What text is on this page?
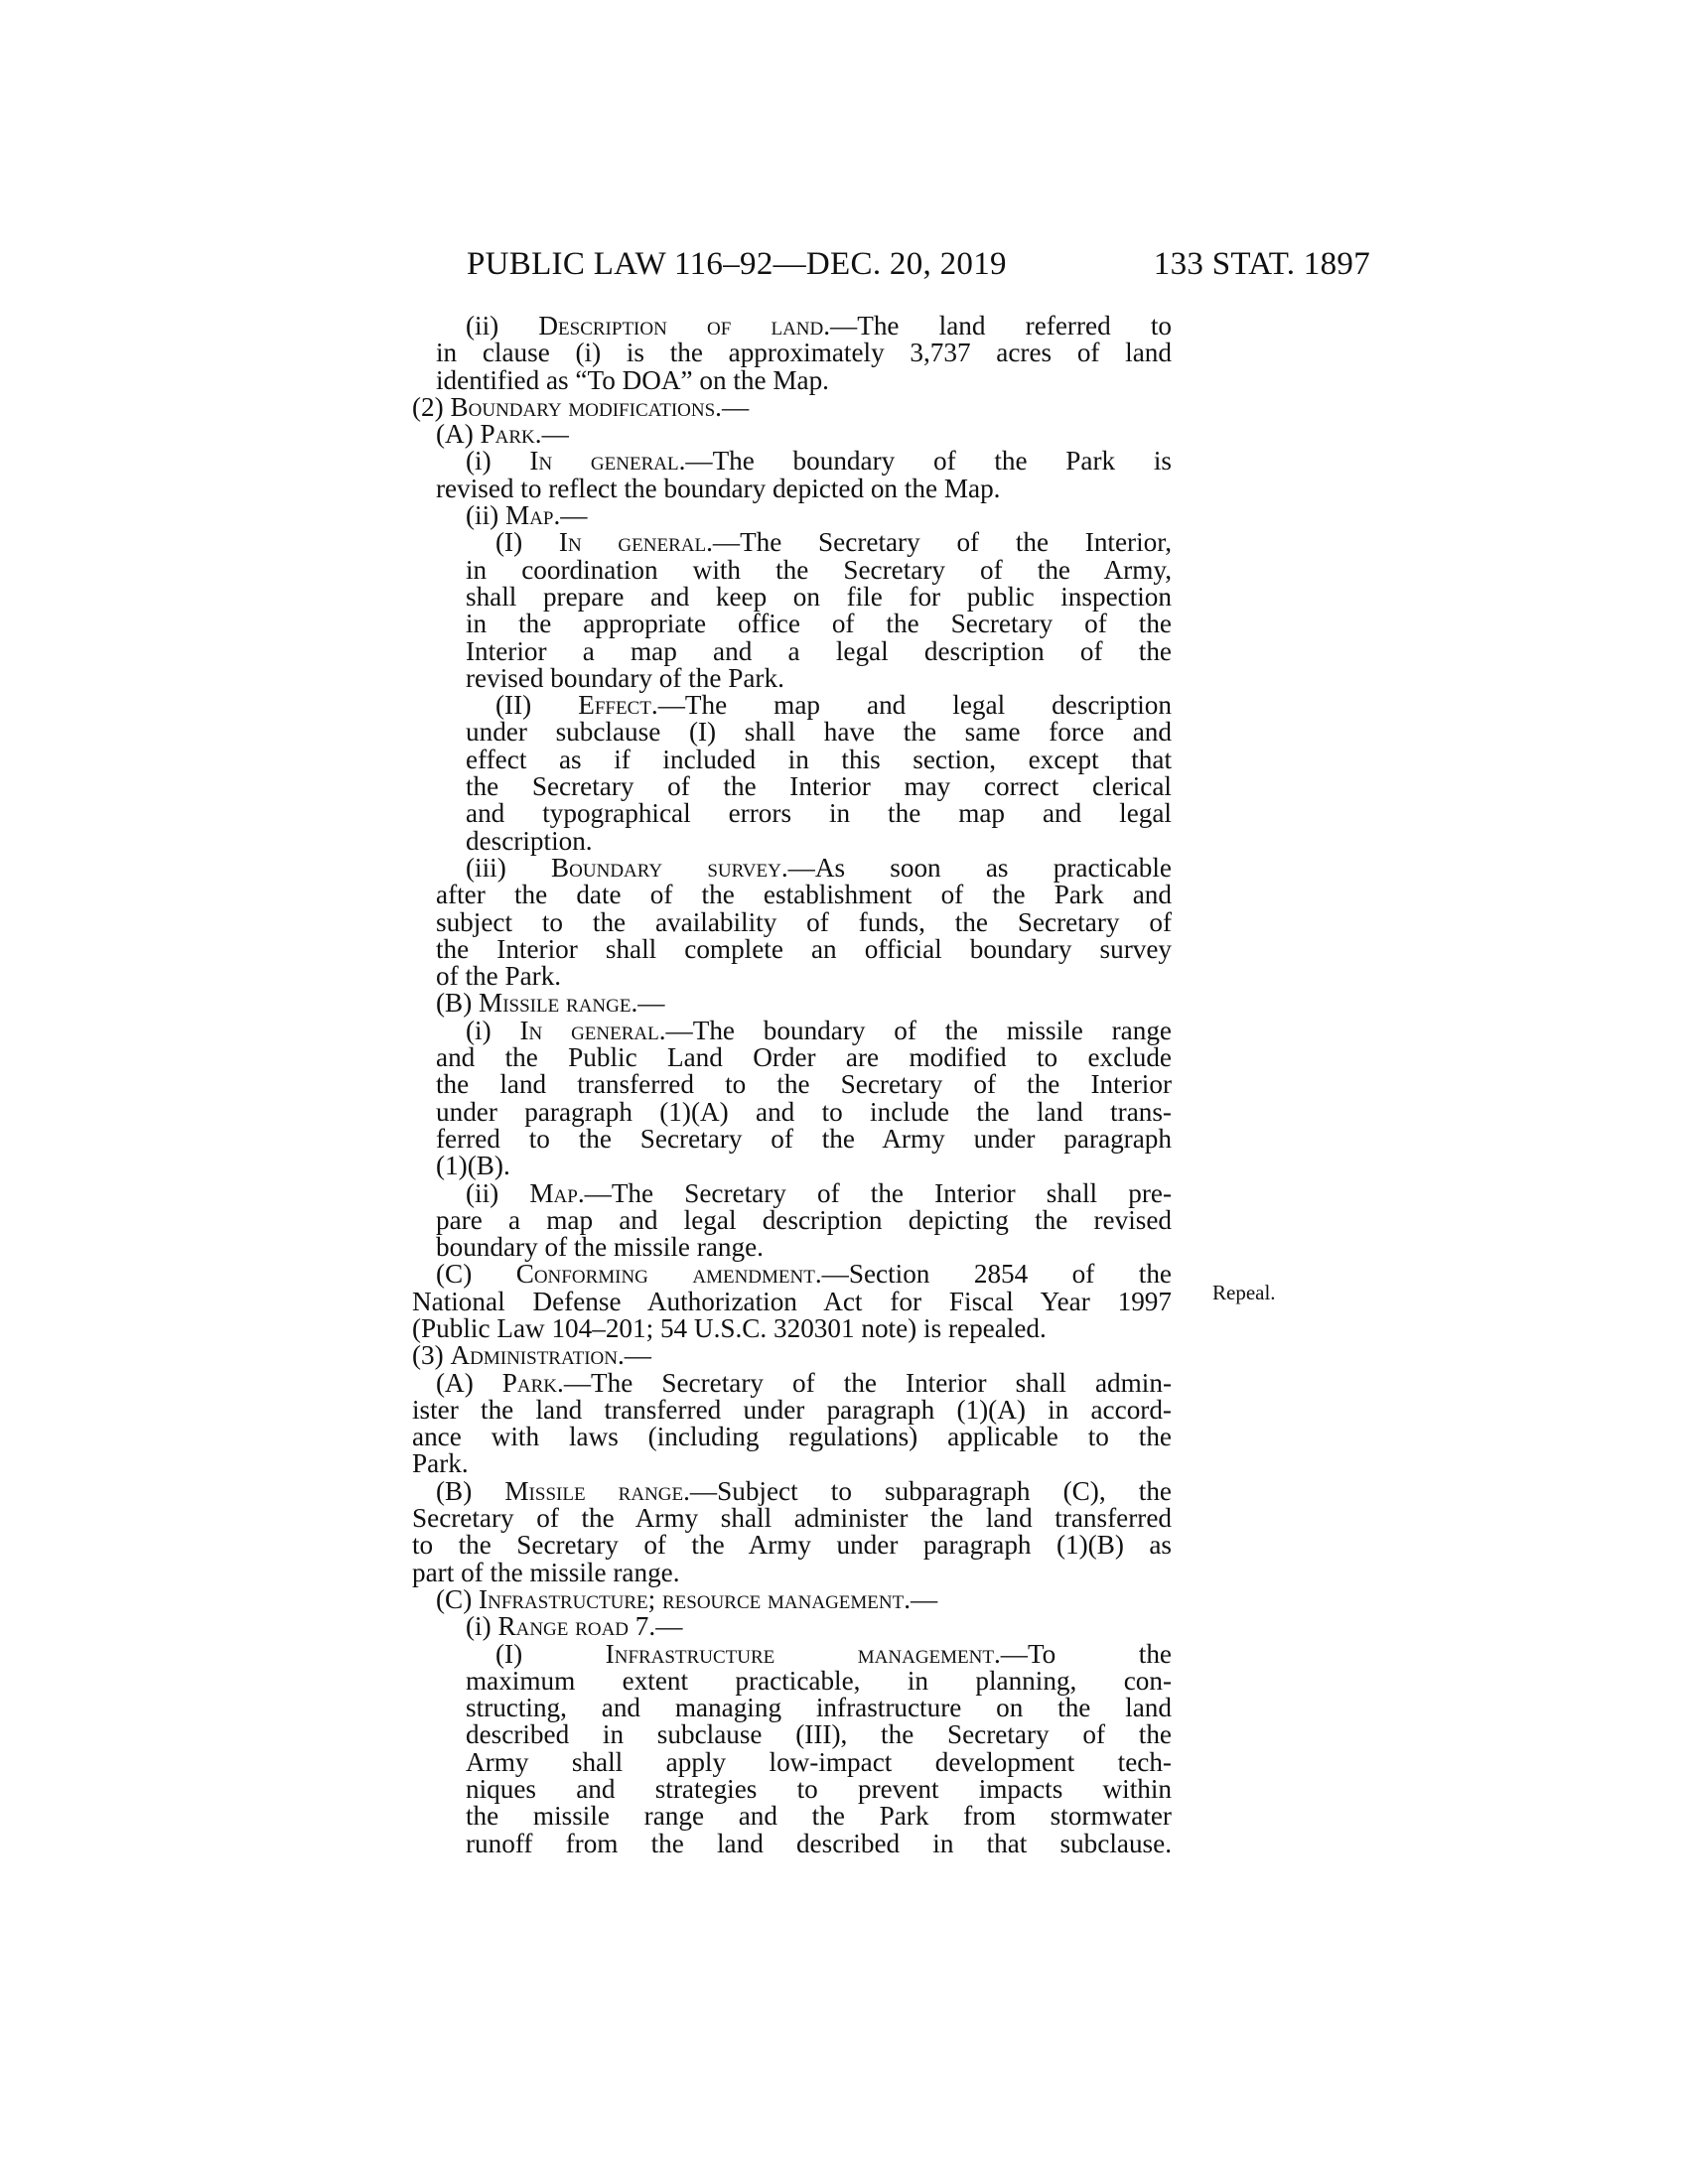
PUBLIC LAW 116–92—DEC. 20, 2019	133 STAT. 1897
(ii) Description of land.—The land referred to
in clause (i) is the approximately 3,737 acres of land
identified as “To DOA” on the Map.
(2) Boundary modifications.—
(A) Park.—
(i) In general.—The boundary of the Park is
revised to reflect the boundary depicted on the Map.
(ii) Map.—
(I) In general.—The Secretary of the Interior,
in coordination with the Secretary of the Army,
shall prepare and keep on file for public inspection
in the appropriate office of the Secretary of the
Interior a map and a legal description of the
revised boundary of the Park.
(II) Effect.—The map and legal description
under subclause (I) shall have the same force and
effect as if included in this section, except that
the Secretary of the Interior may correct clerical
and typographical errors in the map and legal
description.
(iii) Boundary survey.—As soon as practicable
after the date of the establishment of the Park and
subject to the availability of funds, the Secretary of
the Interior shall complete an official boundary survey
of the Park.
(B) Missile range.—
(i) In general.—The boundary of the missile range
and the Public Land Order are modified to exclude
the land transferred to the Secretary of the Interior
under paragraph (1)(A) and to include the land trans-
ferred to the Secretary of the Army under paragraph
(1)(B).
(ii) Map.—The Secretary of the Interior shall pre-
pare a map and legal description depicting the revised
boundary of the missile range.
(C) Conforming amendment.—Section 2854 of the
National Defense Authorization Act for Fiscal Year 1997
(Public Law 104–201; 54 U.S.C. 320301 note) is repealed.
(3) Administration.—
(A) Park.—The Secretary of the Interior shall admin-
ister the land transferred under paragraph (1)(A) in accord-
ance with laws (including regulations) applicable to the
Park.
(B) Missile range.—Subject to subparagraph (C), the
Secretary of the Army shall administer the land transferred
to the Secretary of the Army under paragraph (1)(B) as
part of the missile range.
(C) Infrastructure; resource management.—
(i) Range road 7.—
(I) Infrastructure management.—To the
maximum extent practicable, in planning, con-
structing, and managing infrastructure on the land
described in subclause (III), the Secretary of the
Army shall apply low-impact development tech-
niques and strategies to prevent impacts within
the missile range and the Park from stormwater
runoff from the land described in that subclause.
Repeal.
